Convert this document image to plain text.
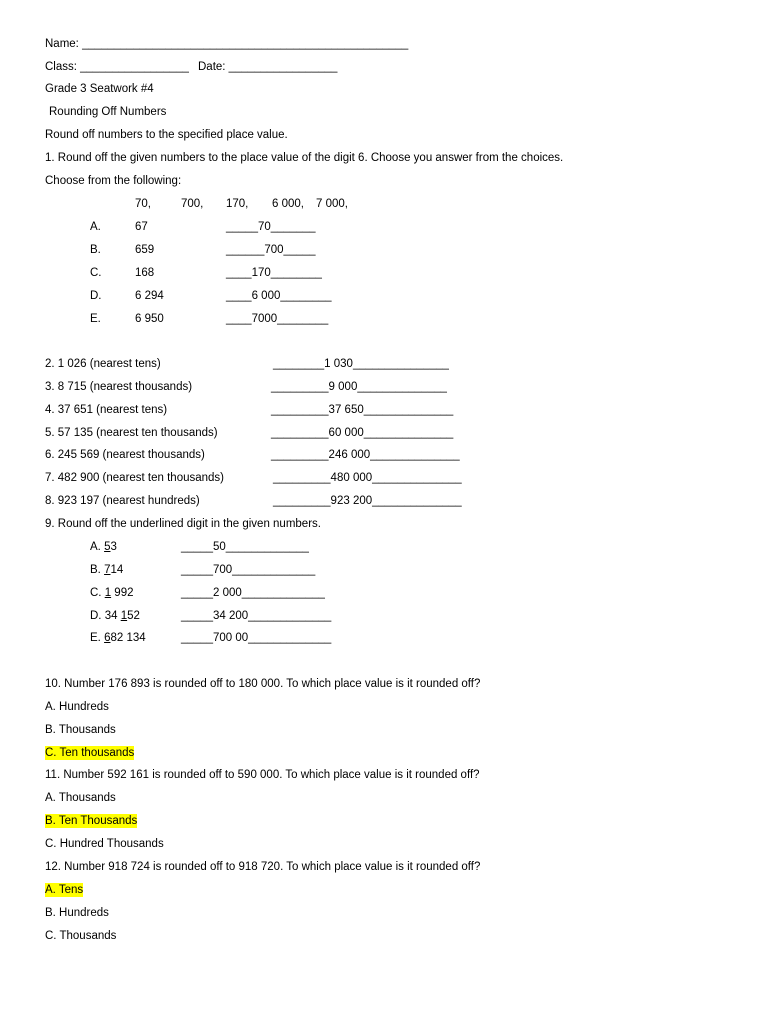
Name: ___________________________________________________
Class: _________________ Date: _________________
Grade 3 Seatwork #4
Rounding Off Numbers
Round off numbers to the specified place value.
1. Round off the given numbers to the place value of the digit 6. Choose you answer from the choices.
Choose from the following:
70,	700, 170, 6 000, 7 000,
A.	67	_____70_______
B.	659	______700_____
C.	168	____170________
D.	6 294	____6 000________
E.	6 950	____7000________
2. 1 026 (nearest tens)	________1 030_______________
3. 8 715 (nearest thousands)	_________9 000______________
4. 37 651 (nearest tens)	_________37 650______________
5. 57 135 (nearest ten thousands)	_________60 000______________
6. 245 569 (nearest thousands)	_________246 000______________
7. 482 900 (nearest ten thousands)	_________480 000______________
8. 923 197 (nearest hundreds)	_________923 200______________
9. Round off the underlined digit in the given numbers.
A. 53	_____50_____________
B. 714	_____700_____________
C. 1 992	_____2 000_____________
D. 34 152	_____34 200_____________
E. 682 134	_____700 00_____________
10. Number 176 893 is rounded off to 180 000. To which place value is it rounded off?
A. Hundreds
B. Thousands
C. Ten thousands
11. Number 592 161 is rounded off to 590 000. To which place value is it rounded off?
A. Thousands
B. Ten Thousands
C. Hundred Thousands
12. Number 918 724 is rounded off to 918 720. To which place value is it rounded off?
A. Tens
B. Hundreds
C. Thousands
